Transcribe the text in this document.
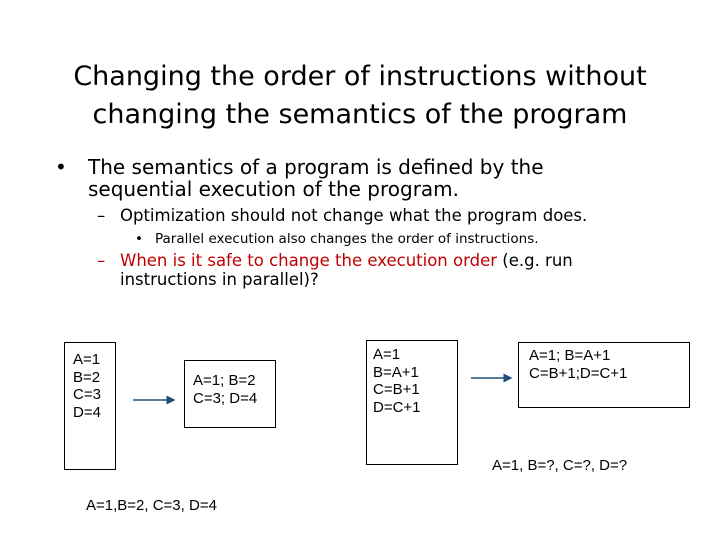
Changing the order of instructions without
changing the semantics of the program
• The semantics of a program is defined by the
sequential execution of the program.
– Optimization should not change what the program does.
• Parallel execution also changes the order of instructions.
– When is it safe to change the execution order (e.g. run
instructions in parallel)?
A=1
B=2
C=3
D=4
A=1; B=2
C=3; D=4
A=1
B=A+1
C=B+1
D=C+1
A=1; B=A+1
C=B+1;D=C+1
A=1,B=2, C=3, D=4
A=1, B=?, C=?, D=?
